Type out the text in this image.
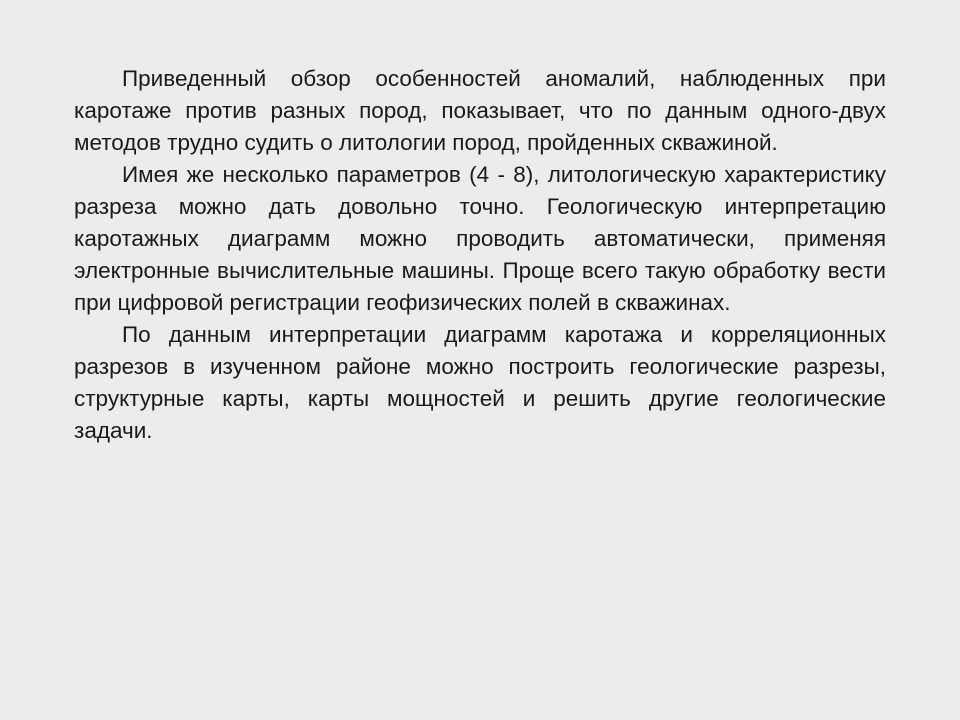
Приведенный обзор особенностей аномалий, наблюденных при каротаже против разных пород, показывает, что по данным одного-двух методов трудно судить о литологии пород, пройденных скважиной.

Имея же несколько параметров (4 - 8), литологическую характеристику разреза можно дать довольно точно. Геологическую интерпретацию каротажных диаграмм можно проводить автоматически, применяя электронные вычислительные машины. Проще всего такую обработку вести при цифровой регистрации геофизических полей в скважинах.

По данным интерпретации диаграмм каротажа и корреляционных разрезов в изученном районе можно построить геологические разрезы, структурные карты, карты мощностей и решить другие геологические задачи.
